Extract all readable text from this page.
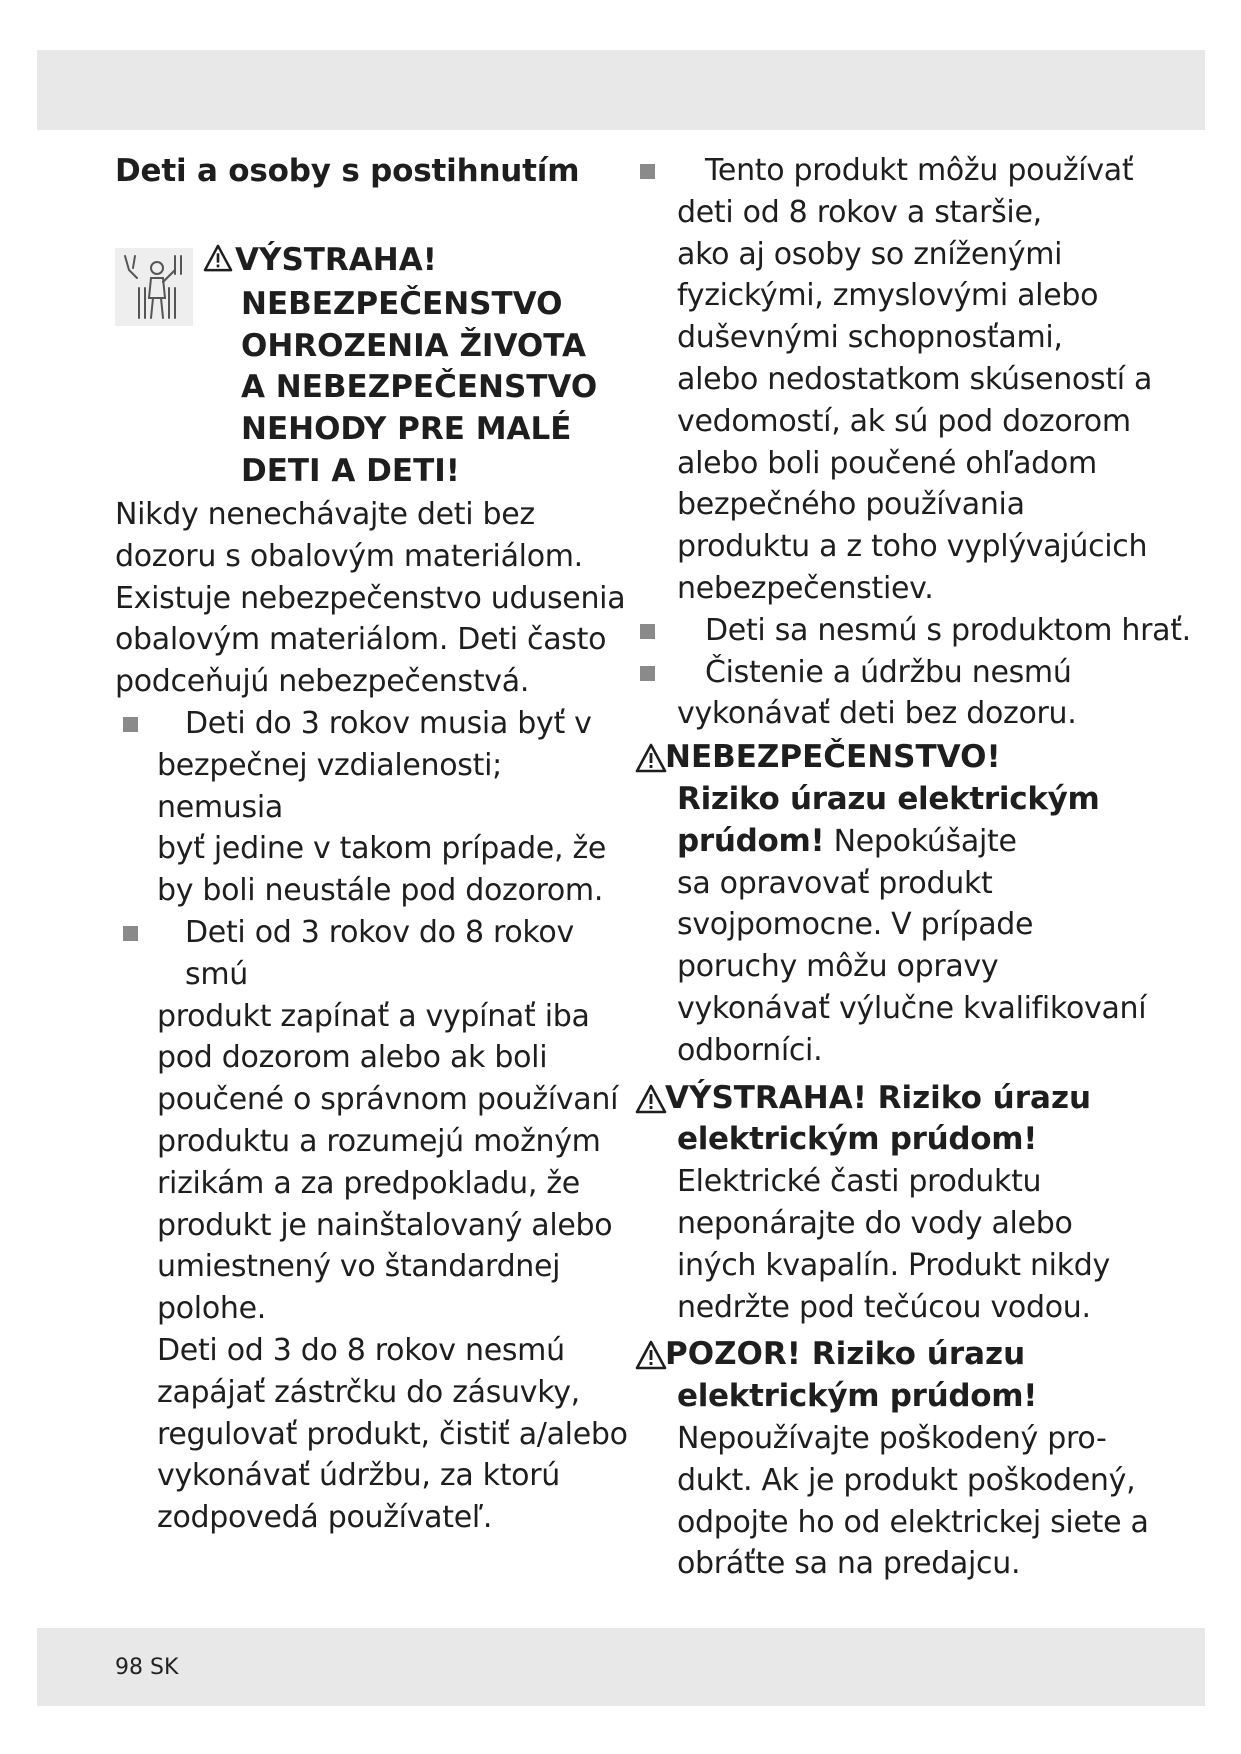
Deti a osoby s postihnutím

VÝSTRAHA!
NEBEZPEČENSTVO
OHROZENIA ŽIVOTA
A NEBEZPEČENSTVO
NEHODY PRE MALÉ
DETI A DETI!
Nikdy nenechávajte deti bez
dozoru s obalovým materiálom.
Existuje nebezpečenstvo udusenia
obalovým materiálom. Deti často
podceňujú nebezpečenstvá.
Deti do 3 rokov musia byť v
bezpečnej vzdialenosti; nemusia
byť jedine v takom prípade, že
by boli neustále pod dozorom.
Deti od 3 rokov do 8 rokov smú
produkt zapínať a vypínať iba
pod dozorom alebo ak boli
poučené o správnom používaní
produktu a rozumejú možným
rizikám a za predpokladu, že
produkt je nainštalovaný alebo
umiestnený vo štandardnej
polohe.
Deti od 3 do 8 rokov nesmú
zapájať zástrčku do zásuvky,
regulovať produkt, čistiť a/alebo
vykonávať údržbu, za ktorú
zodpovedá používateľ.
Tento produkt môžu používať
deti od 8 rokov a staršie,
ako aj osoby so zníženými
fyzickými, zmyslovými alebo
duševnými schopnosťami,
alebo nedostatkom skúseností a
vedomostí, ak sú pod dozorom
alebo boli poučené ohľadom
bezpečného používania
produktu a z toho vyplývajúcich
nebezpečenstiev.
Deti sa nesmú s produktom hrať.
Čistenie a údržbu nesmú
vykonávať deti bez dozoru.
NEBEZPEČENSTVO!
Riziko úrazu elektrickým
prúdom! Nepokúšajte
sa opravovať produkt
svojpomocne. V prípade
poruchy môžu opravy
vykonávať výlučne kvalifikovaní
odborníci.
VÝSTRAHA! Riziko úrazu
elektrickým prúdom!
Elektrické časti produktu
neponárajte do vody alebo
iných kvapalín. Produkt nikdy
nedržte pod tečúcou vodou.
POZOR! Riziko úrazu
elektrickým prúdom!
Nepoužívajte poškodený pro-
dukt. Ak je produkt poškodený,
odpojte ho od elektrickej siete a
obráťte sa na predajcu.
98 SK
